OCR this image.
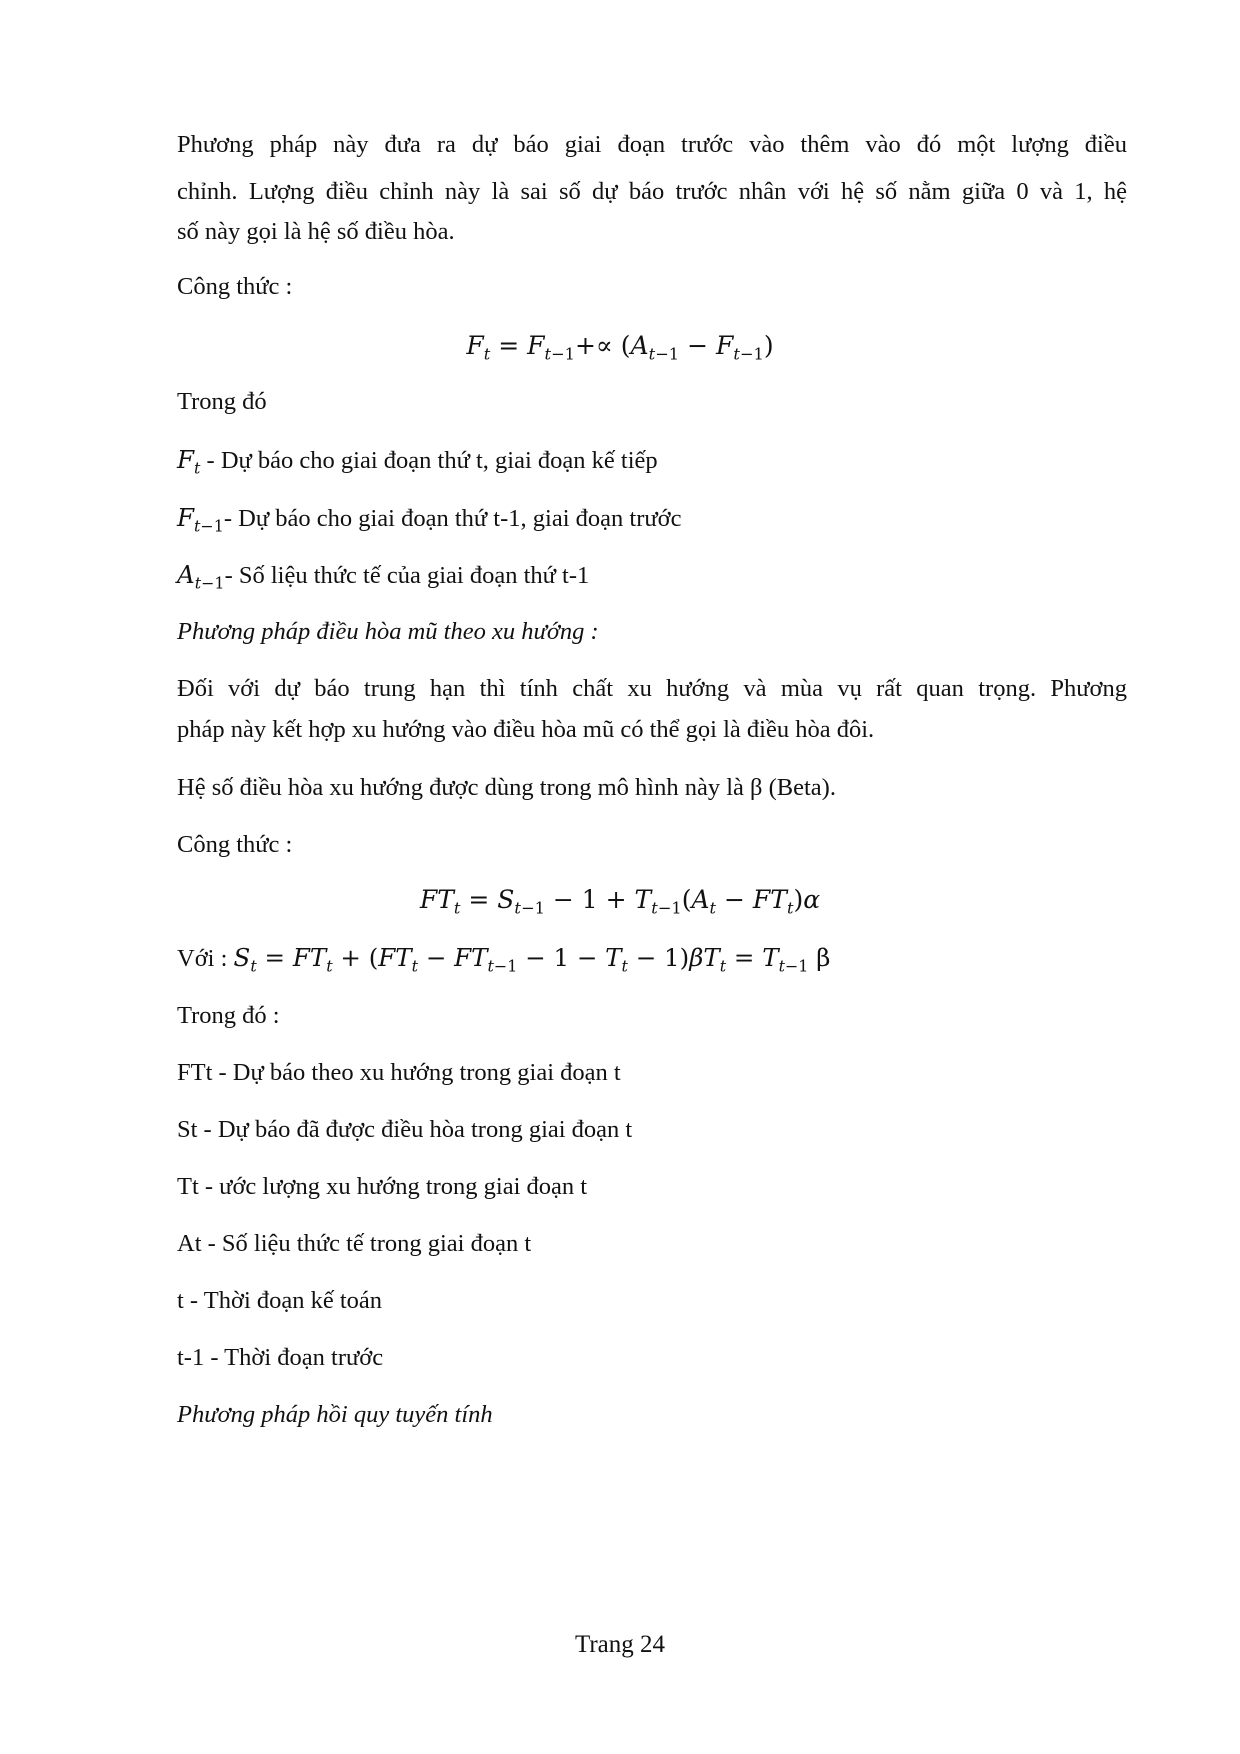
Phương pháp này đưa ra dự báo giai đoạn trước vào thêm vào đó một lượng điều
chỉnh. Lượng điều chỉnh này là sai số dự báo trước nhân với hệ số nằm giữa 0 và 1, hệ
số này gọi là hệ số điều hòa.
Công thức :
$F_t = F_{t-1}+\propto (A_{t-1} - F_{t-1})$
Trong đó
$F_t$ - Dự báo cho giai đoạn thứ t, giai đoạn kế tiếp
$F_{t-1}-$ Dự báo cho giai đoạn thứ t-1, giai đoạn trước
$A_{t-1}-$ Số liệu thức tế của giai đoạn thứ t-1
Phương pháp điều hòa mũ theo xu hướng :
Đối với dự báo trung hạn thì tính chất xu hướng và mùa vụ rất quan trọng. Phương
pháp này kết hợp xu hướng vào điều hòa mũ có thể gọi là điều hòa đôi.
Hệ số điều hòa xu hướng được dùng trong mô hình này là β (Beta).
Công thức :
$FT_t = S_{t-1} - 1 + T_{t-1}(A_t - FT_t)\alpha$
Với : $S_t = FT_t + (FT_t - FT_{t-1} - 1 - T_t - 1)\beta T_t = T_{t-1}$ β
Trong đó :
FTt - Dự báo theo xu hướng trong giai đoạn t
St - Dự báo đã được điều hòa trong giai đoạn t
Tt - ước lượng xu hướng trong giai đoạn t
At - Số liệu thức tế trong giai đoạn t
t - Thời đoạn kế toán
t-1 - Thời đoạn trước
Phương pháp hồi quy tuyến tính
Trang 24
